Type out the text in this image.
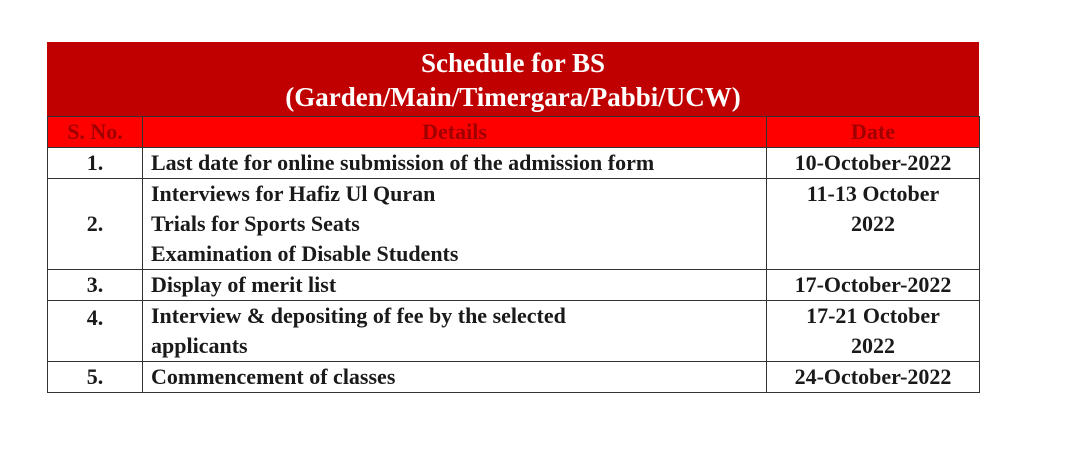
Schedule for BS
(Garden/Main/Timergara/Pabbi/UCW)
S. No.	Details	Date
1.	Last date for online submission of the admission form	10-October-2022

2.	Interviews for Hafiz Ul Quran
Trials for Sports Seats
Examination of Disable Students	11-13 October
2022

3.	Display of merit list	17-October-2022

4.	Interview & depositing of fee by the selected
applicants	17-21 October
2022

5.	Commencement of classes	24-October-2022
